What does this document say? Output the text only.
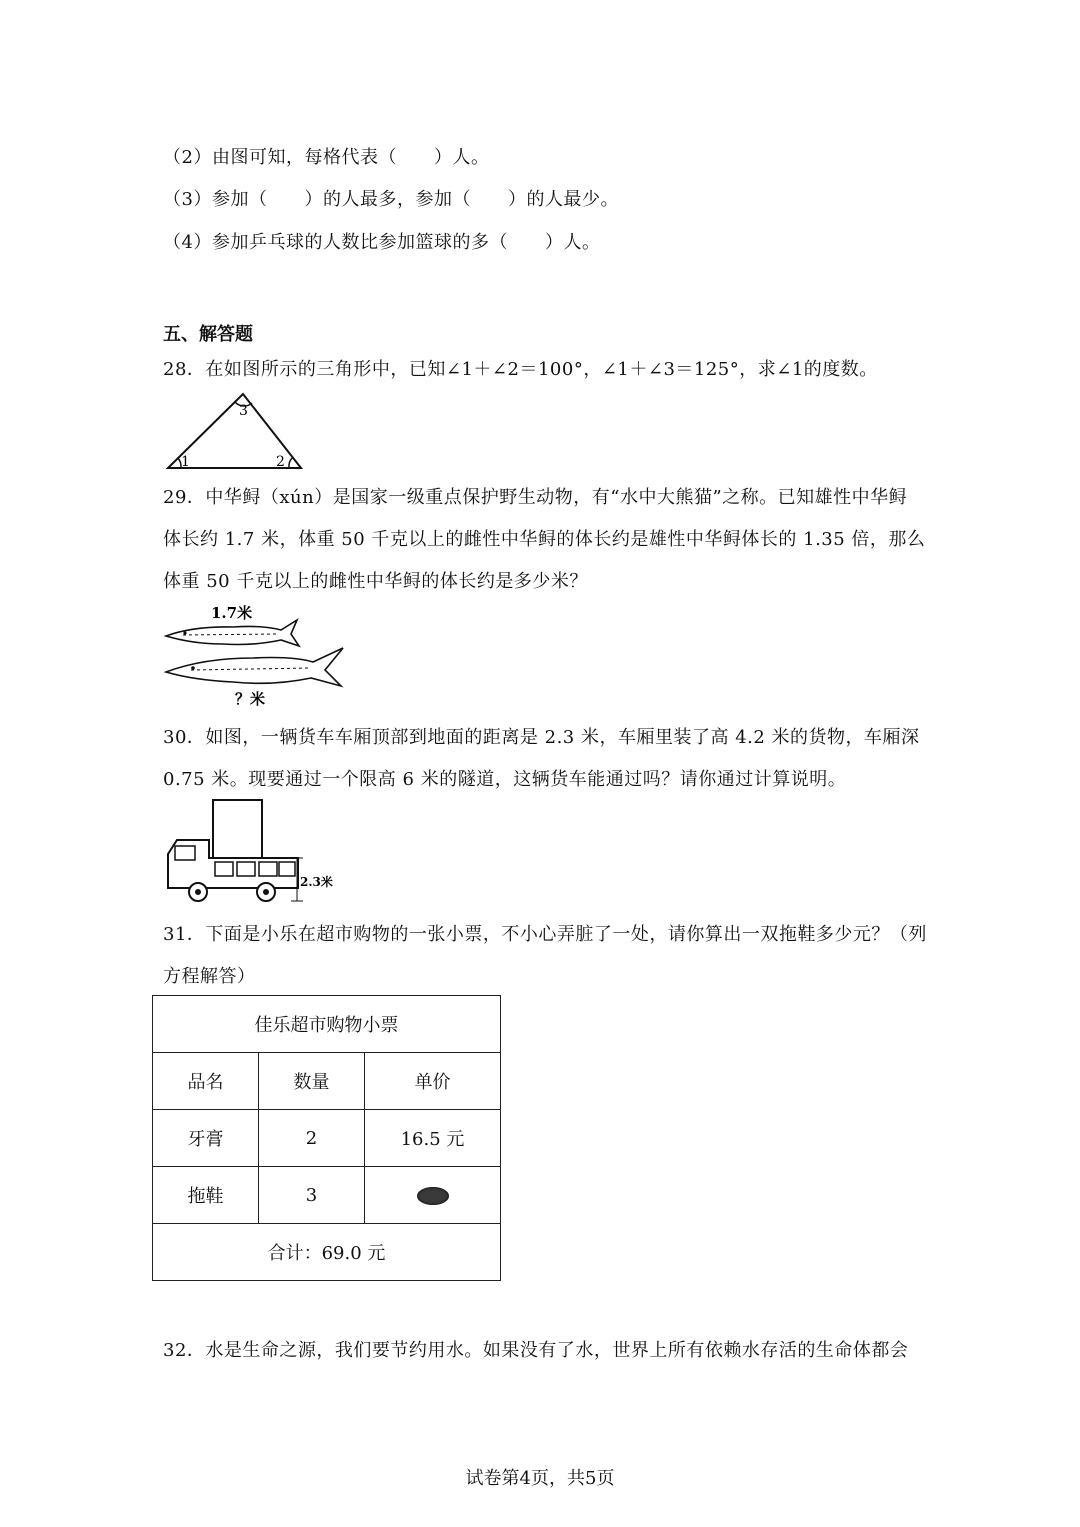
（2）由图可知，每格代表（　　）人。
（3）参加（　　）的人最多，参加（　　）的人最少。
（4）参加乒乓球的人数比参加篮球的多（　　）人。
五、解答题
28．在如图所示的三角形中，已知∠1＋∠2＝100°，∠1＋∠3＝125°，求∠1的度数。
1	2
3
29．中华鲟（xún）是国家一级重点保护野生动物，有“水中大熊猫”之称。已知雄性中华鲟
体长约 1.7 米，体重 50 千克以上的雌性中华鲟的体长约是雄性中华鲟体长的 1.35 倍，那么
体重 50 千克以上的雌性中华鲟的体长约是多少米？
1.7米
？米
30．如图，一辆货车车厢顶部到地面的距离是 2.3 米，车厢里装了高 4.2 米的货物，车厢深
0.75 米。现要通过一个限高 6 米的隧道，这辆货车能通过吗？请你通过计算说明。
2.3米
31．下面是小乐在超市购物的一张小票，不小心弄脏了一处，请你算出一双拖鞋多少元？（列
方程解答）
佳乐超市购物小票		
品名	数量	单价
牙膏	2	16.5 元
拖鞋	3	
合计：69.0 元		
32．水是生命之源，我们要节约用水。如果没有了水，世界上所有依赖水存活的生命体都会
试卷第4页，共5页
